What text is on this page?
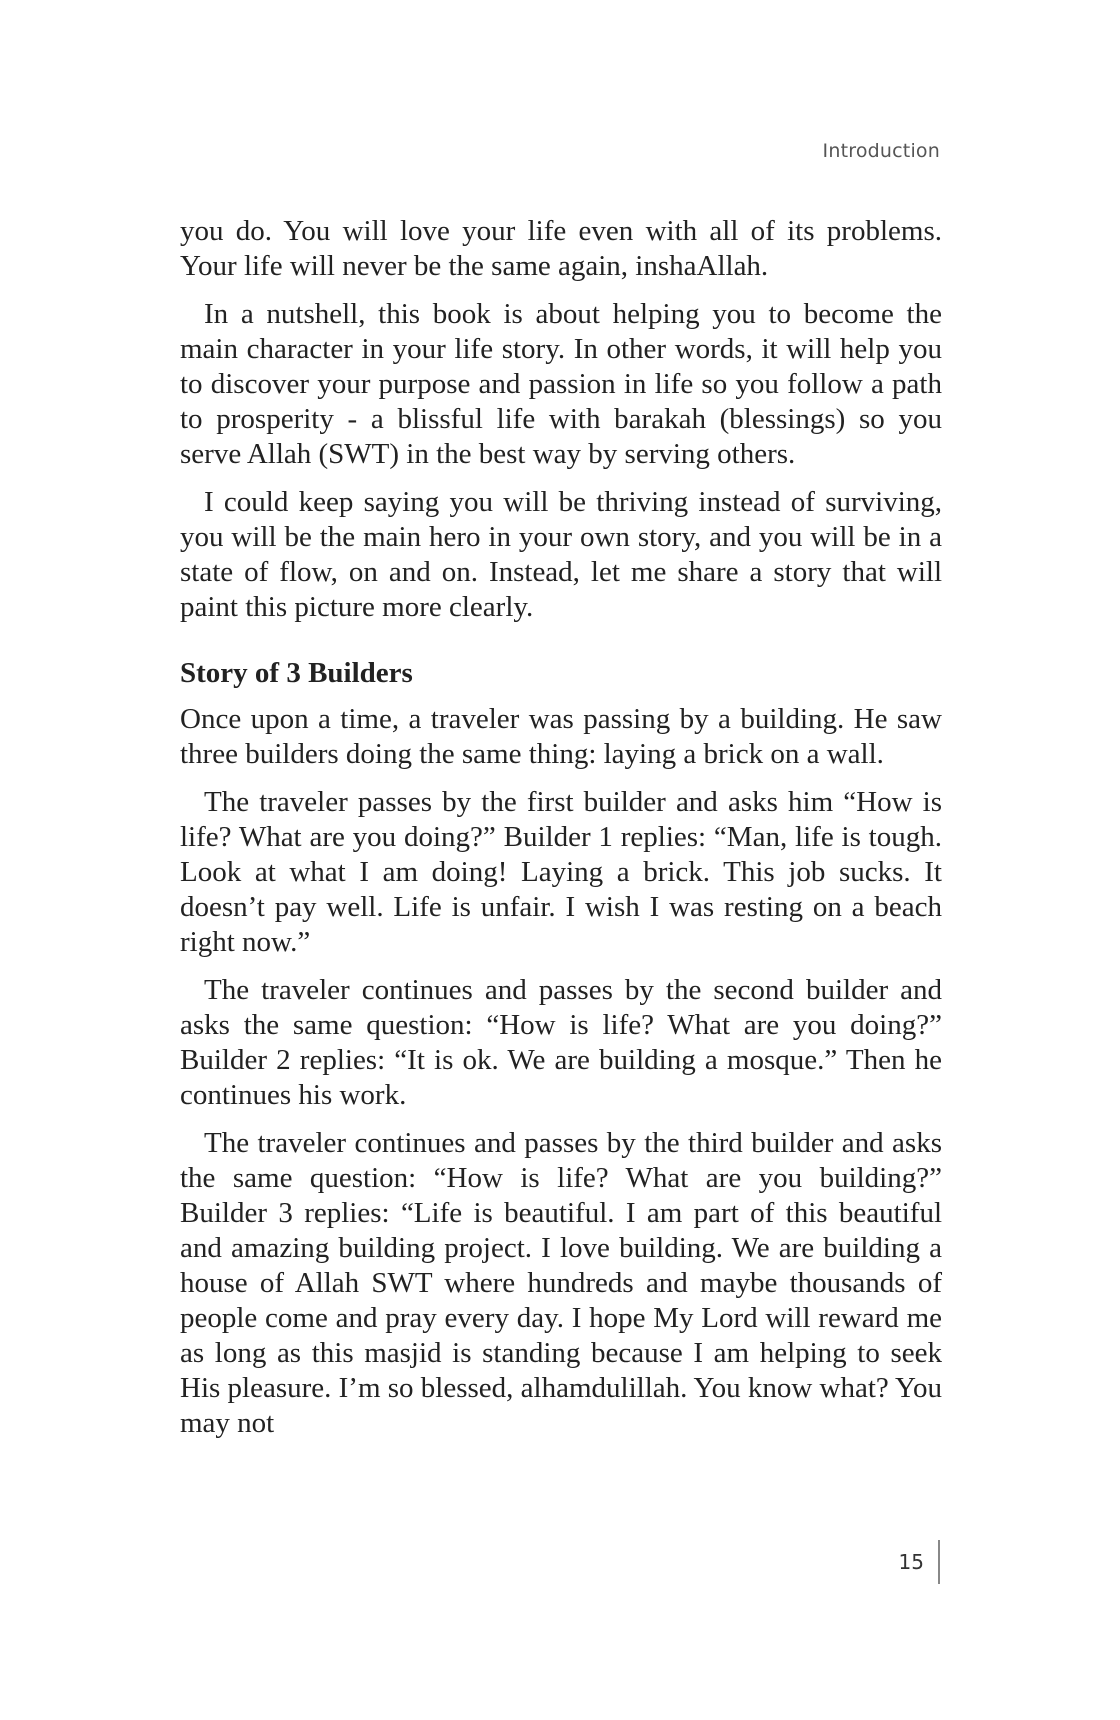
Introduction

you do. You will love your life even with all of its problems. Your life will never be the same again, inshaAllah.

In a nutshell, this book is about helping you to become the main character in your life story. In other words, it will help you to discover your purpose and passion in life so you follow a path to prosperity - a blissful life with barakah (blessings) so you serve Allah (SWT) in the best way by serving others.

I could keep saying you will be thriving instead of surviving, you will be the main hero in your own story, and you will be in a state of flow, on and on. Instead, let me share a story that will paint this picture more clearly.

Story of 3 Builders

Once upon a time, a traveler was passing by a building. He saw three builders doing the same thing: laying a brick on a wall.

The traveler passes by the first builder and asks him “How is life? What are you doing?” Builder 1 replies: “Man, life is tough. Look at what I am doing! Laying a brick. This job sucks. It doesn’t pay well. Life is unfair. I wish I was resting on a beach right now.”

The traveler continues and passes by the second builder and asks the same question: “How is life? What are you doing?” Builder 2 replies: “It is ok. We are building a mosque.” Then he continues his work.

The traveler continues and passes by the third builder and asks the same question: “How is life? What are you building?” Builder 3 replies: “Life is beautiful. I am part of this beautiful and amazing building project. I love building. We are building a house of Allah SWT where hundreds and maybe thousands of people come and pray every day. I hope My Lord will reward me as long as this masjid is standing because I am helping to seek His pleasure. I’m so blessed, alhamdulillah. You know what? You may not

15
